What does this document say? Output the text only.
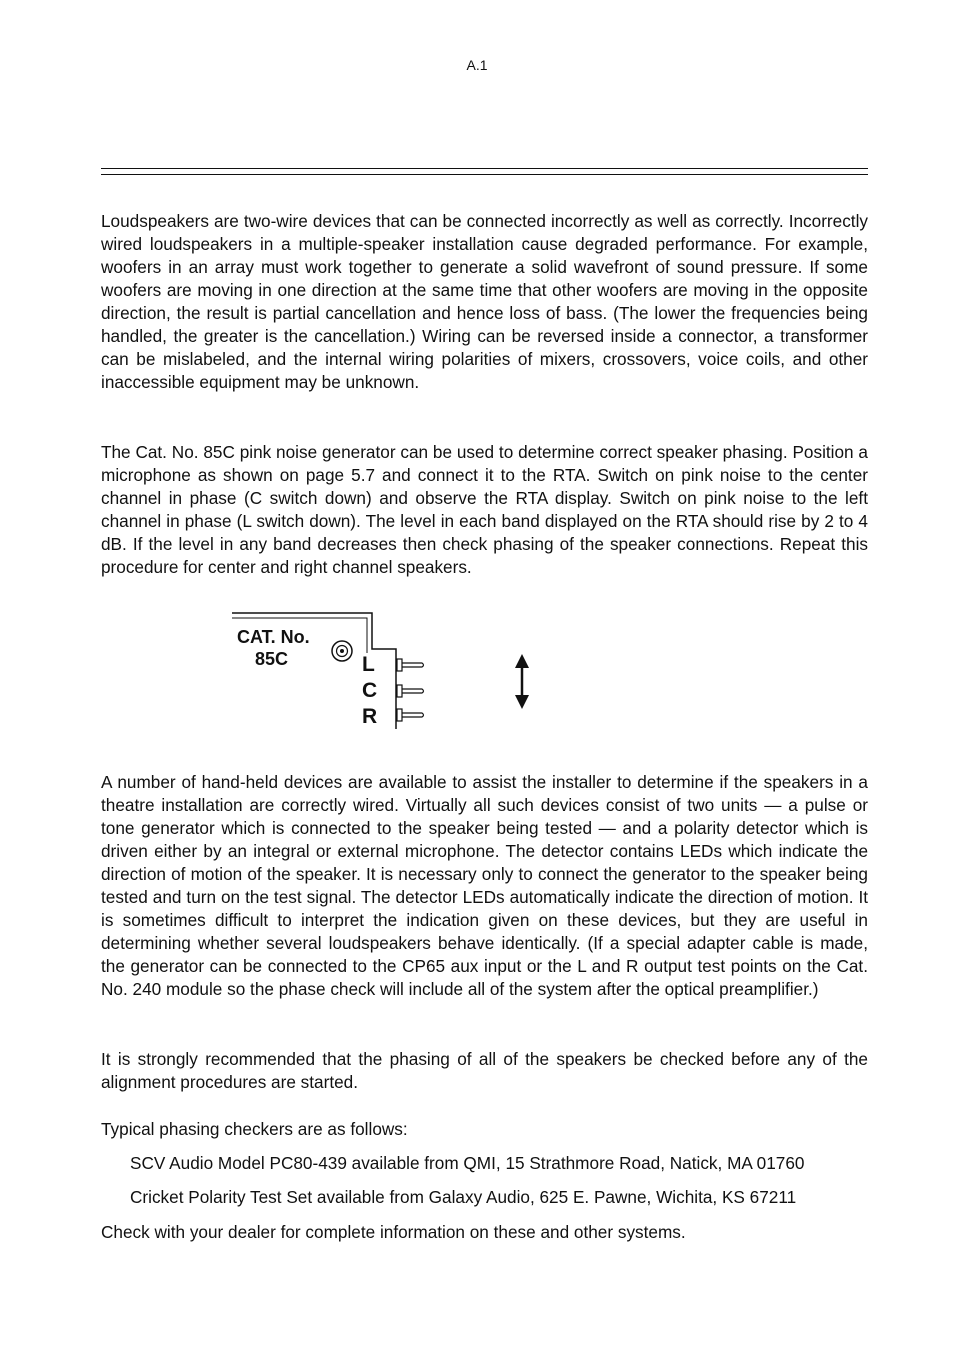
A.1

Loudspeakers are two-wire devices that can be connected incorrectly as well as correctly. Incorrectly wired loudspeakers in a multiple-speaker installation cause degraded performance. For example, woofers in an array must work together to generate a solid wavefront of sound pressure. If some woofers are moving in one direction at the same time that other woofers are moving in the opposite direction, the result is partial cancellation and hence loss of bass. (The lower the frequencies being handled, the greater is the cancellation.) Wiring can be reversed inside a connector, a transformer can be mislabeled, and the internal wiring polarities of mixers, crossovers, voice coils, and other inaccessible equipment may be unknown.

The Cat. No. 85C pink noise generator can be used to determine correct speaker phasing. Position a microphone as shown on page 5.7 and connect it to the RTA. Switch on pink noise to the center channel in phase (C switch down) and observe the RTA display. Switch on pink noise to the left channel in phase (L switch down). The level in each band displayed on the RTA should rise by 2 to 4 dB. If the level in any band decreases then check phasing of the speaker connections. Repeat this procedure for center and right channel speakers.

CAT. No.
85C	L
C
R

A number of hand-held devices are available to assist the installer to determine if the speakers in a theatre installation are correctly wired. Virtually all such devices consist of two units — a pulse or tone generator which is connected to the speaker being tested — and a polarity detector which is driven either by an integral or external microphone. The detector contains LEDs which indicate the direction of motion of the speaker. It is necessary only to connect the generator to the speaker being tested and turn on the test signal. The detector LEDs automatically indicate the direction of motion. It is sometimes difficult to interpret the indication given on these devices, but they are useful in determining whether several loudspeakers behave identically. (If a special adapter cable is made, the generator can be connected to the CP65 aux input or the L and R output test points on the Cat. No. 240 module so the phase check will include all of the system after the optical preamplifier.)

It is strongly recommended that the phasing of all of the speakers be checked before any of the alignment procedures are started.

Typical phasing checkers are as follows:

SCV Audio Model PC80-439 available from QMI, 15 Strathmore Road, Natick, MA 01760

Cricket Polarity Test Set available from Galaxy Audio, 625 E. Pawne, Wichita, KS 67211

Check with your dealer for complete information on these and other systems.
